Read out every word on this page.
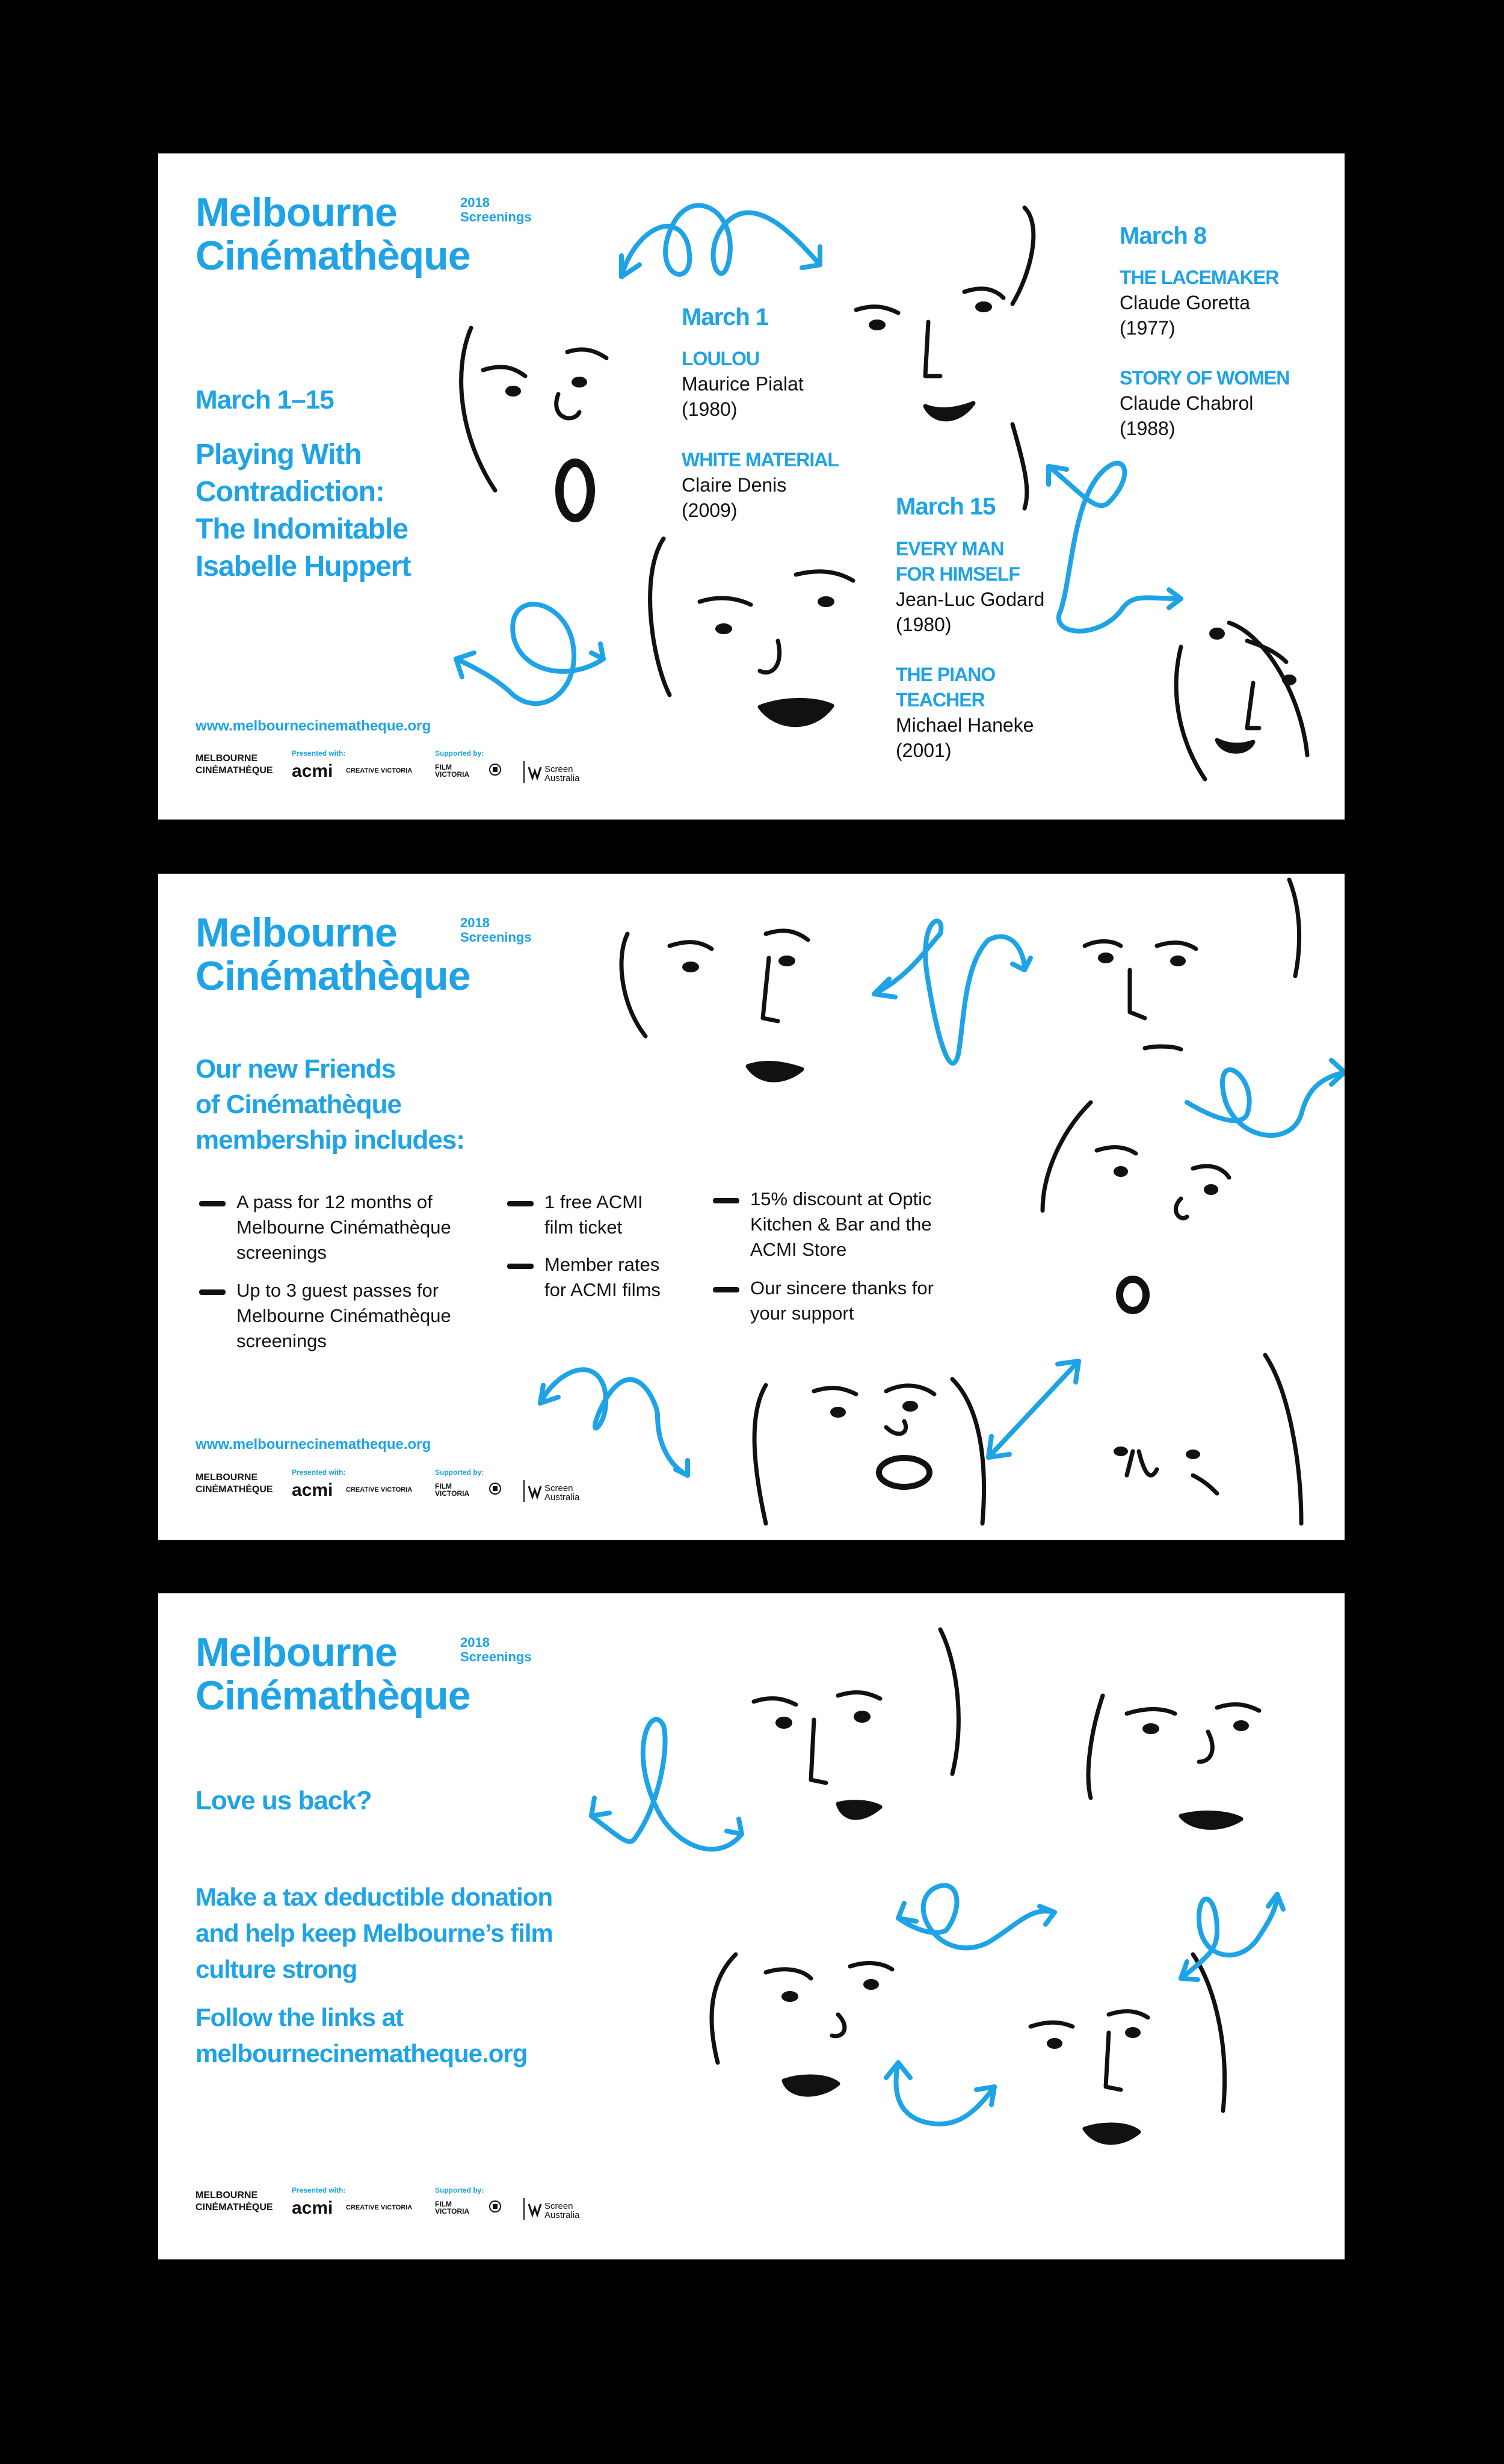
Melbourne
Cinémathèque
2018
Screenings
March 1–15
Playing With
Contradiction:
The Indomitable
Isabelle Huppert
March 1
LOULOU
Maurice Pialat
(1980)
WHITE MATERIAL
Claire Denis
(2009)
March 8
THE LACEMAKER
Claude Goretta
(1977)
STORY OF WOMEN
Claude Chabrol
(1988)
March 15
EVERY MAN
FOR HIMSELF
Jean-Luc Godard
(1980)
THE PIANO
TEACHER
Michael Haneke
(2001)
www.melbournecinematheque.org
MELBOURNE
CINÉMATHÈQUE
Presented with:
acmi CREATIVE VICTORIA
Supported by:
FILM
VICTORIA	Screen
Australia
Melbourne
Cinémathèque
2018
Screenings
Our new Friends
of Cinémathèque
membership includes:
A pass for 12 months of
Melbourne Cinémathèque
screenings
Up to 3 guest passes for
Melbourne Cinémathèque
screenings
1 free ACMI
film ticket
Member rates
for ACMI films
15% discount at Optic
Kitchen & Bar and the
ACMI Store
Our sincere thanks for
your support
www.melbournecinematheque.org
MELBOURNE
CINÉMATHÈQUE
Presented with:
acmi CREATIVE VICTORIA
Supported by:
FILM
VICTORIA	Screen
Australia
Melbourne
Cinémathèque
2018
Screenings
Love us back?
Make a tax deductible donation
and help keep Melbourne’s film
culture strong
Follow the links at
melbournecinematheque.org
MELBOURNE
CINÉMATHÈQUE
Presented with:
acmi CREATIVE VICTORIA
Supported by:
FILM
VICTORIA	Screen
Australia
